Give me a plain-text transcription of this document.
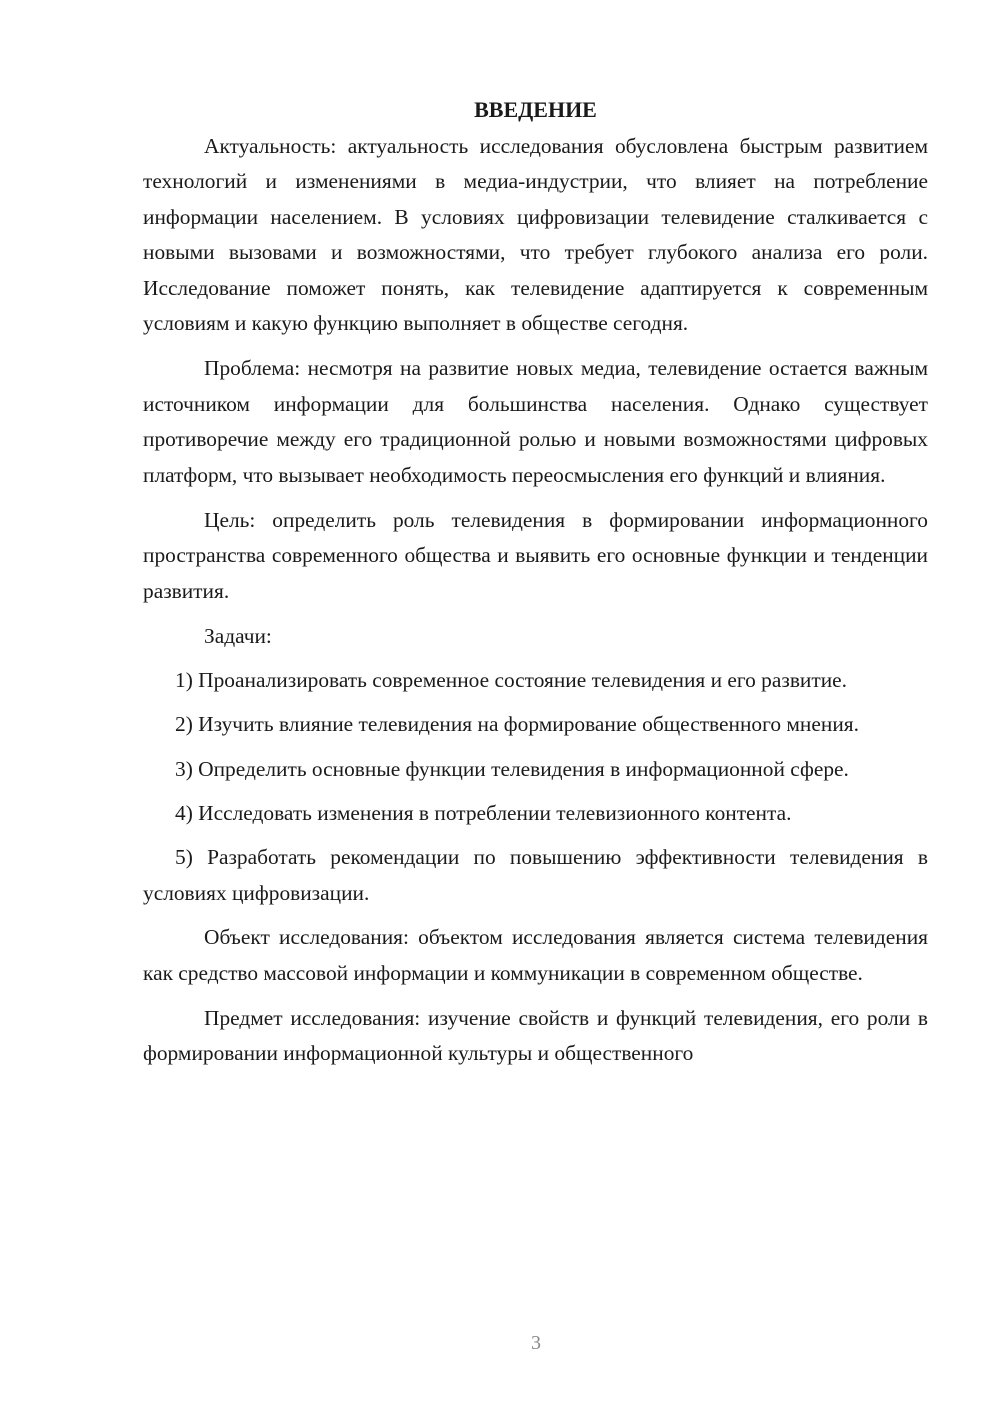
ВВЕДЕНИЕ

Актуальность: актуальность исследования обусловлена быстрым развитием технологий и изменениями в медиа-индустрии, что влияет на потребление информации населением. В условиях цифровизации телевидение сталкивается с новыми вызовами и возможностями, что требует глубокого анализа его роли. Исследование поможет понять, как телевидение адаптируется к современным условиям и какую функцию выполняет в обществе сегодня.

Проблема: несмотря на развитие новых медиа, телевидение остается важным источником информации для большинства населения. Однако существует противоречие между его традиционной ролью и новыми возможностями цифровых платформ, что вызывает необходимость переосмысления его функций и влияния.

Цель: определить роль телевидения в формировании информационного пространства современного общества и выявить его основные функции и тенденции развития.

Задачи:

1) Проанализировать современное состояние телевидения и его развитие.

2) Изучить влияние телевидения на формирование общественного мнения.

3) Определить основные функции телевидения в информационной сфере.

4) Исследовать изменения в потреблении телевизионного контента.

5) Разработать рекомендации по повышению эффективности телевидения в условиях цифровизации.

Объект исследования: объектом исследования является система телевидения как средство массовой информации и коммуникации в современном обществе.

Предмет исследования: изучение свойств и функций телевидения, его роли в формировании информационной культуры и общественного

3
